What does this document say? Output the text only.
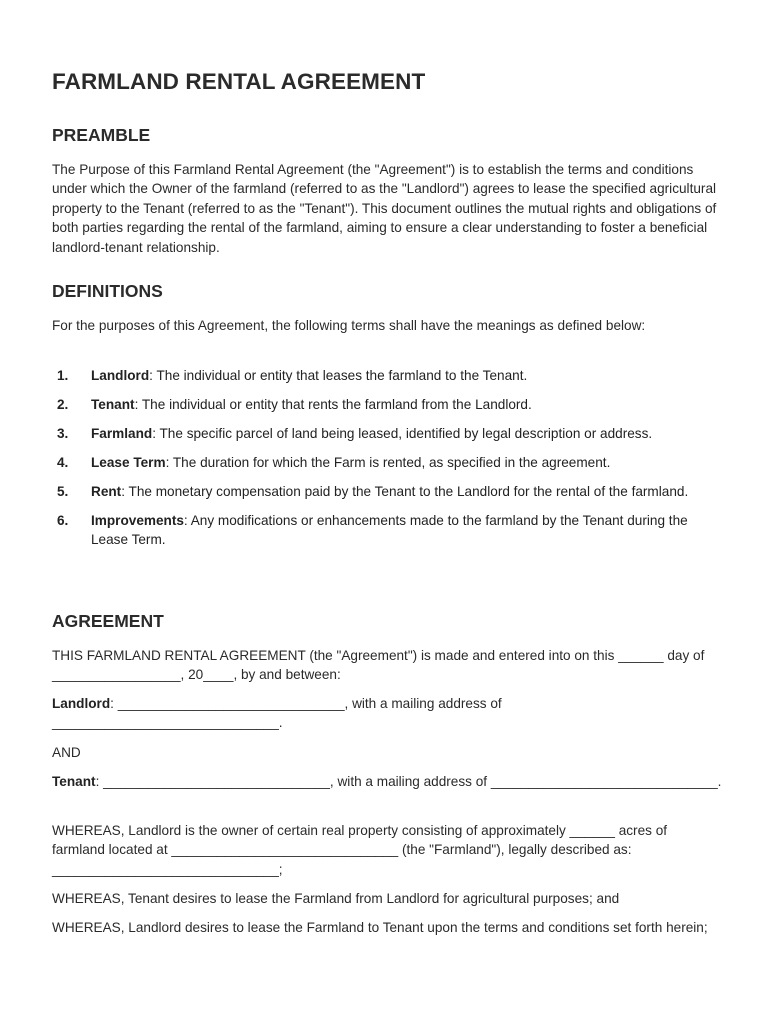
FARMLAND RENTAL AGREEMENT
PREAMBLE

The Purpose of this Farmland Rental Agreement (the "Agreement") is to establish the terms and conditions under which the Owner of the farmland (referred to as the "Landlord") agrees to lease the specified agricultural property to the Tenant (referred to as the "Tenant"). This document outlines the mutual rights and obligations of both parties regarding the rental of the farmland, aiming to ensure a clear understanding to foster a beneficial landlord-tenant relationship.

DEFINITIONS

For the purposes of this Agreement, the following terms shall have the meanings as defined below:

1. Landlord: The individual or entity that leases the farmland to the Tenant.
2. Tenant: The individual or entity that rents the farmland from the Landlord.
3. Farmland: The specific parcel of land being leased, identified by legal description or address.
4. Lease Term: The duration for which the Farm is rented, as specified in the agreement.
5. Rent: The monetary compensation paid by the Tenant to the Landlord for the rental of the farmland.
6. Improvements: Any modifications or enhancements made to the farmland by the Tenant during the Lease Term.
AGREEMENT

THIS FARMLAND RENTAL AGREEMENT (the "Agreement") is made and entered into on this ______ day of _________________, 20____, by and between:

Landlord: ______________________________, with a mailing address of ______________________________.

AND

Tenant: ______________________________, with a mailing address of ______________________________.

WHEREAS, Landlord is the owner of certain real property consisting of approximately ______ acres of farmland located at ______________________________ (the "Farmland"), legally described as: ______________________________;

WHEREAS, Tenant desires to lease the Farmland from Landlord for agricultural purposes; and

WHEREAS, Landlord desires to lease the Farmland to Tenant upon the terms and conditions set forth herein;
